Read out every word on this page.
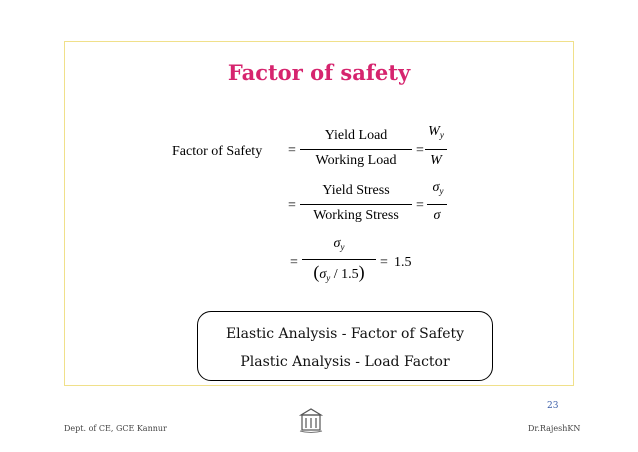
Factor of safety
Factor of Safety =
Yield Load
Working Load
=
$W_y$
W
=
Yield Stress
Working Stress
=
$\sigma_y$
σ
=
$\sigma_y$
$(\sigma_y / 1.5)$	= 1.5
Elastic Analysis - Factor of Safety
Plastic Analysis - Load Factor
23
Dept. of CE, GCE Kannur	Dr.RajeshKN
